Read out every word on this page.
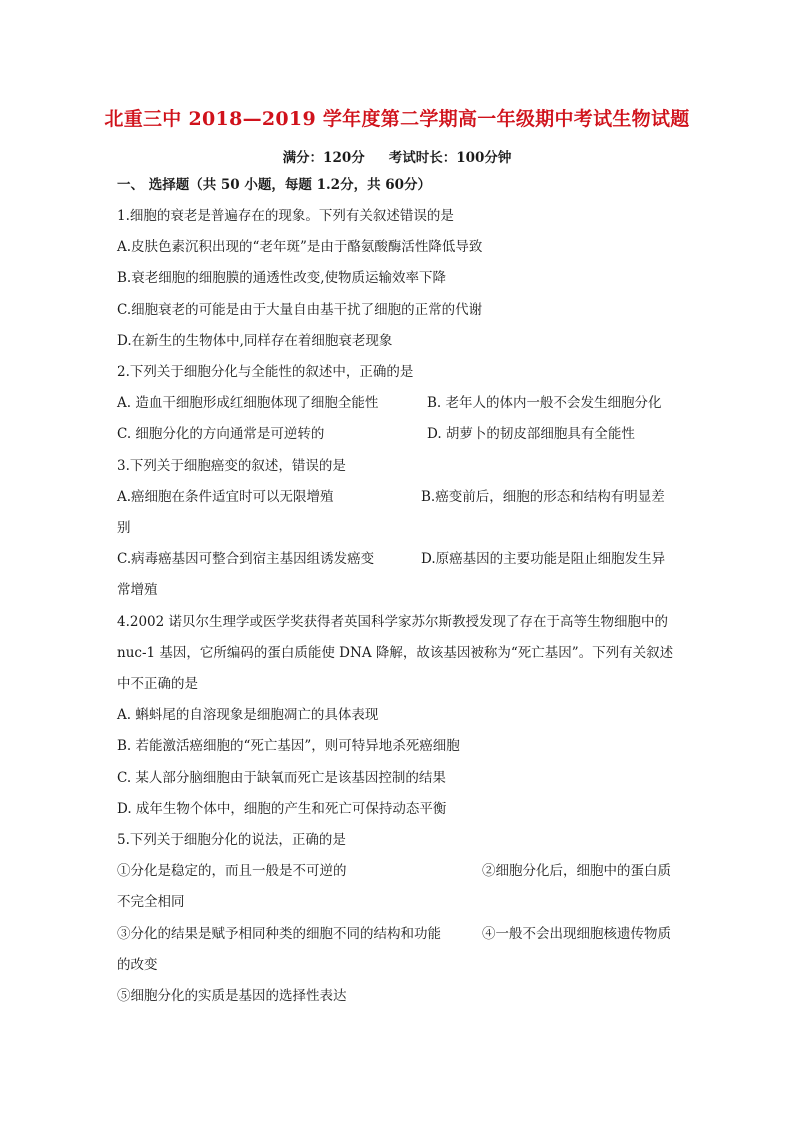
北重三中 2018—2019 学年度第二学期高一年级期中考试生物试题
满分：120分 考试时长：100分钟
一、 选择题（共 50 小题，每题 1.2分，共 60分）
1.细胞的衰老是普遍存在的现象。下列有关叙述错误的是
A.皮肤色素沉积出现的“老年斑”是由于酪氨酸酶活性降低导致
B.衰老细胞的细胞膜的通透性改变,使物质运输效率下降
C.细胞衰老的可能是由于大量自由基干扰了细胞的正常的代谢
D.在新生的生物体中,同样存在着细胞衰老现象
2.下列关于细胞分化与全能性的叙述中，正确的是
A. 造血干细胞形成红细胞体现了细胞全能性	B. 老年人的体内一般不会发生细胞分化
C. 细胞分化的方向通常是可逆转的	D. 胡萝卜的韧皮部细胞具有全能性
3.下列关于细胞癌变的叙述，错误的是
A.癌细胞在条件适宜时可以无限增殖	B.癌变前后，细胞的形态和结构有明显差
别
C.病毒癌基因可整合到宿主基因组诱发癌变	D.原癌基因的主要功能是阻止细胞发生异
常增殖
4.2002 诺贝尔生理学或医学奖获得者英国科学家苏尔斯教授发现了存在于高等生物细胞中的
nuc-1 基因，它所编码的蛋白质能使 DNA 降解，故该基因被称为“死亡基因”。下列有关叙述
中不正确的是
A. 蝌蚪尾的自溶现象是细胞凋亡的具体表现
B. 若能激活癌细胞的“死亡基因”，则可特异地杀死癌细胞
C. 某人部分脑细胞由于缺氧而死亡是该基因控制的结果
D. 成年生物个体中，细胞的产生和死亡可保持动态平衡
5.下列关于细胞分化的说法，正确的是
①分化是稳定的，而且一般是不可逆的	②细胞分化后，细胞中的蛋白质
不完全相同
③分化的结果是赋予相同种类的细胞不同的结构和功能	④一般不会出现细胞核遗传物质
的改变
⑤细胞分化的实质是基因的选择性表达
